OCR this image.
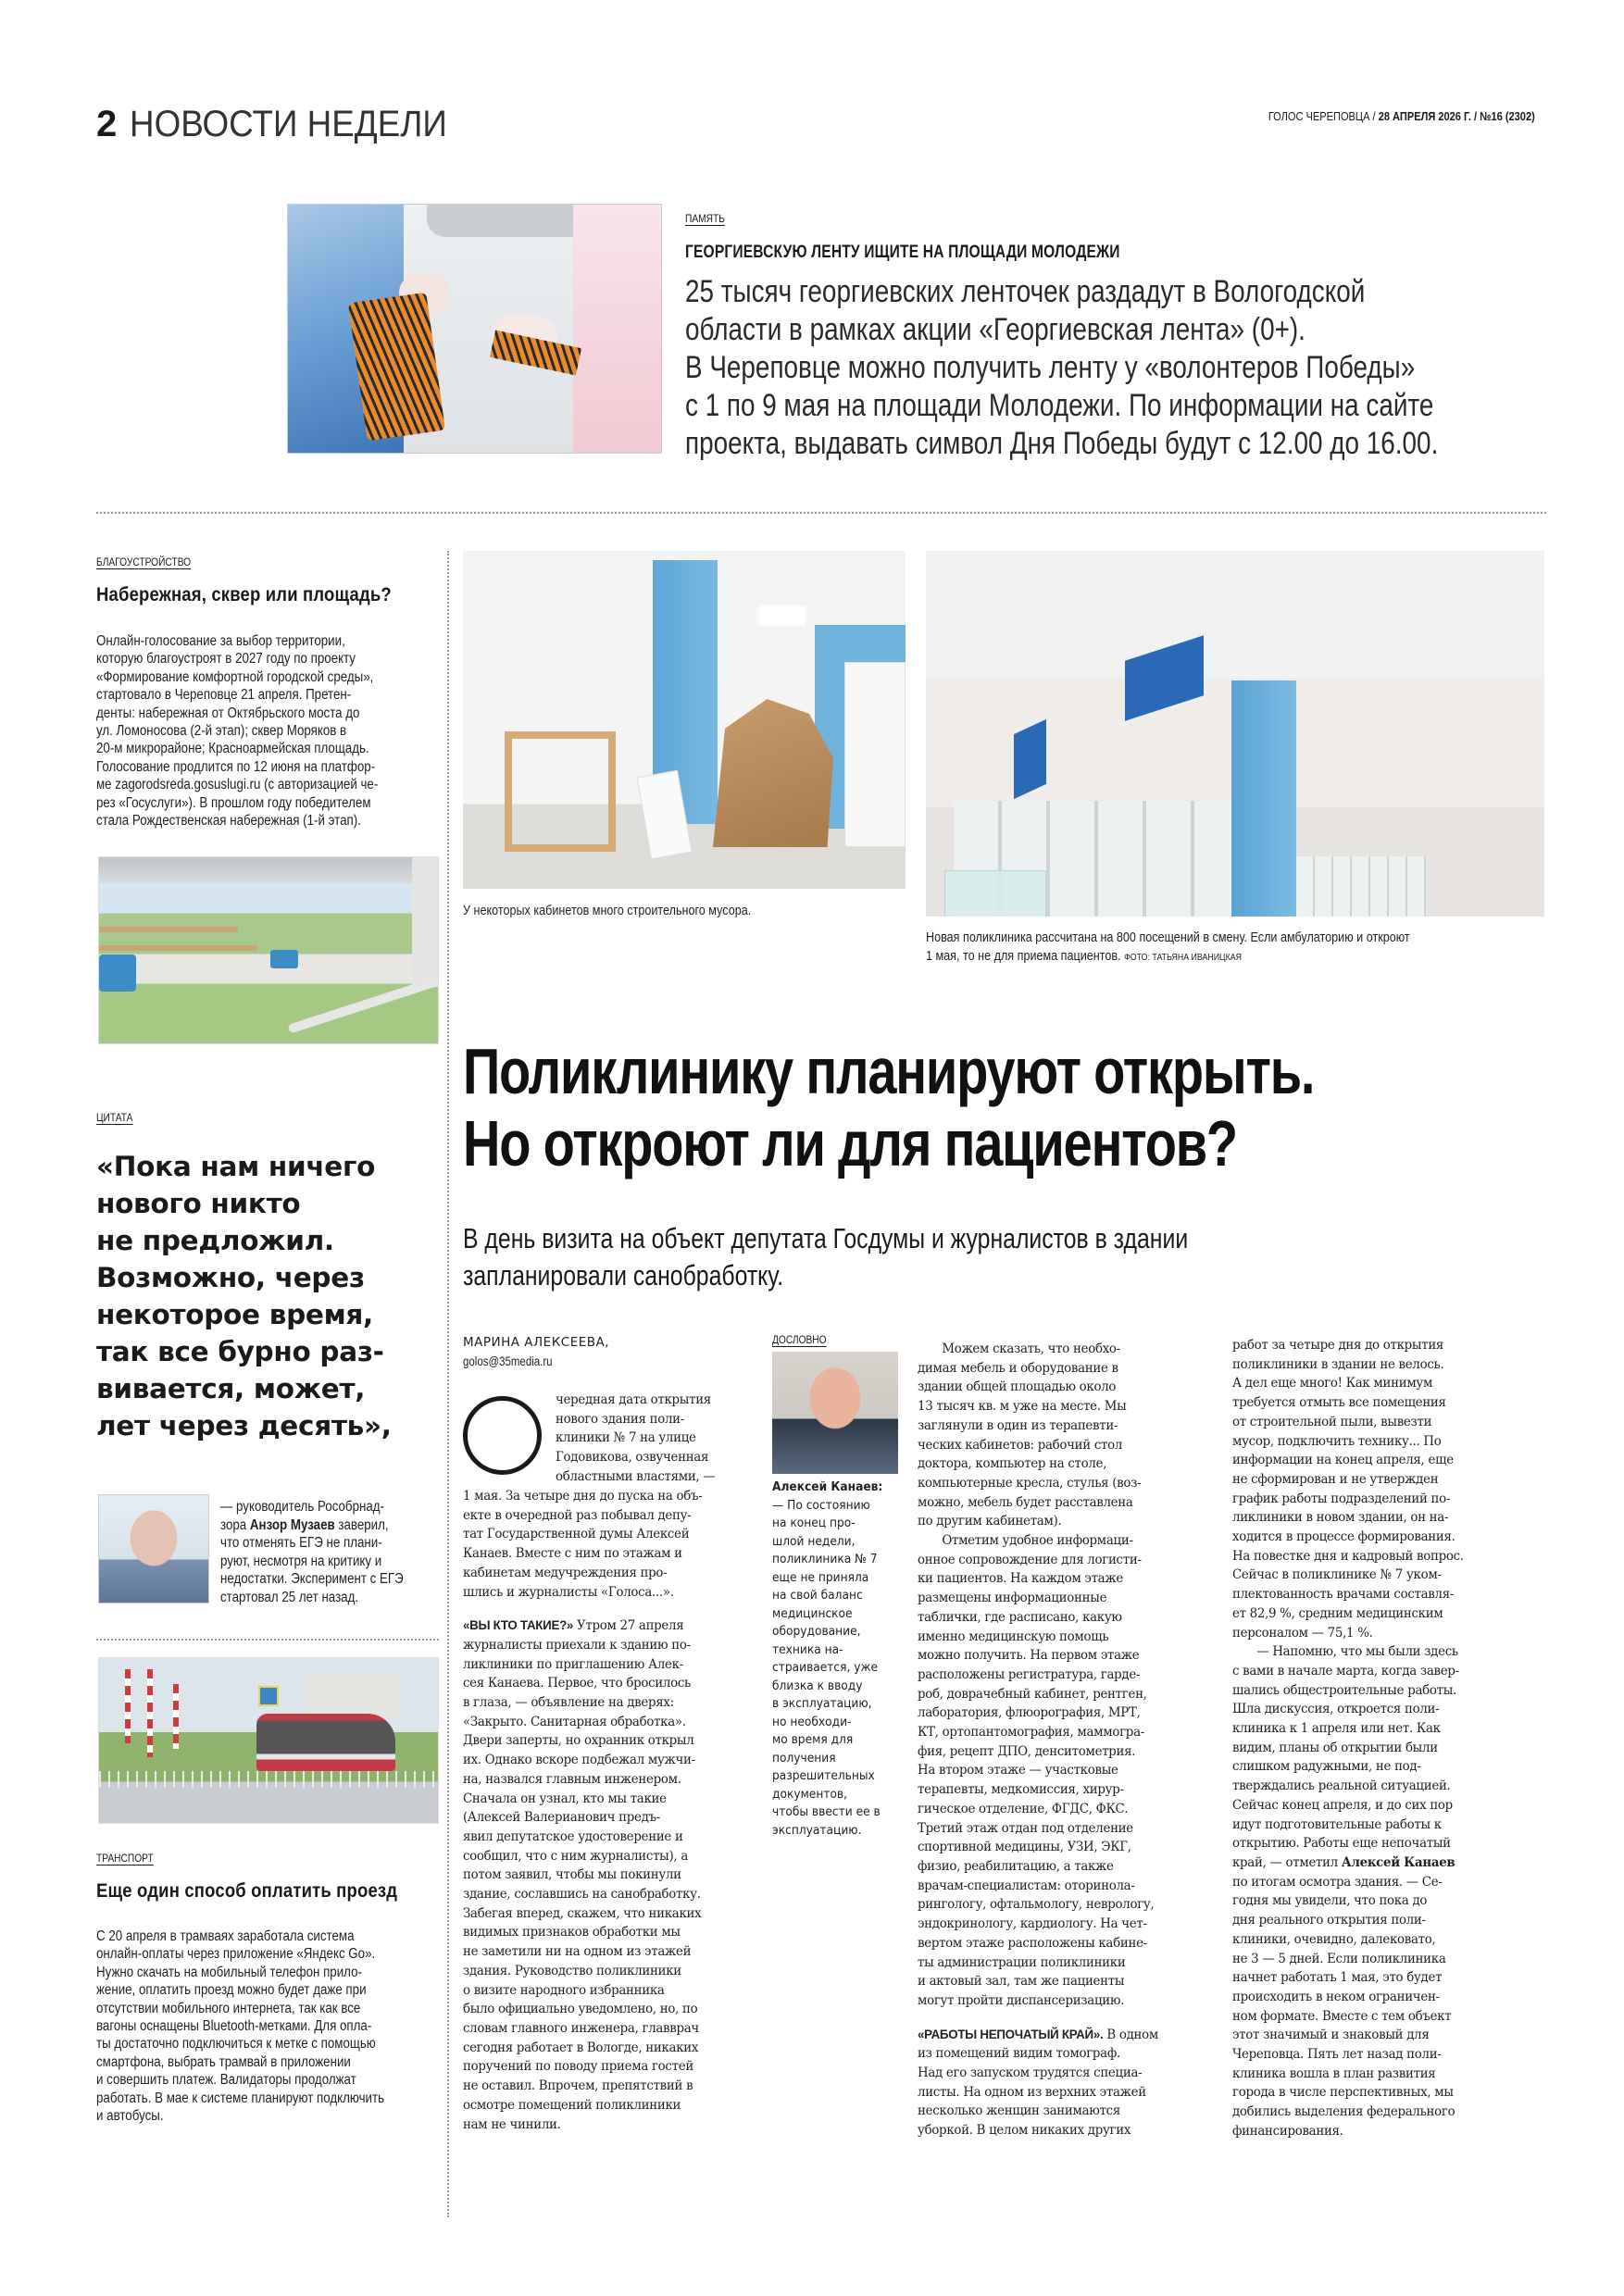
2 НОВОСТИ НЕДЕЛИ	ГОЛОС ЧЕРЕПОВЦА / 28 АПРЕЛЯ 2026 Г. / №16 (2302)
ПАМЯТЬ
ГЕОРГИЕВСКУЮ ЛЕНТУ ИЩИТЕ НА ПЛОЩАДИ МОЛОДЕЖИ
25 тысяч георгиевских ленточек раздадут в Вологодской
области в рамках акции «Георгиевская лента» (0+).
В Череповце можно получить ленту у «волонтеров Победы»
с 1 по 9 мая на площади Молодежи. По информации на сайте
проекта, выдавать символ Дня Победы будут с 12.00 до 16.00.
БЛАГОУСТРОЙСТВО
Набережная, сквер или площадь?
Онлайн-голосование за выбор территории,
которую благоустроят в 2027 году по проекту
«Формирование комфортной городской среды»,
стартовало в Череповце 21 апреля. Претен-
денты: набережная от Октябрьского моста до
ул. Ломоносова (2-й этап); сквер Моряков в
20-м микрорайоне; Красноармейская площадь.
Голосование продлится по 12 июня на платфор-
ме zagorodsreda.gosuslugi.ru (с авторизацией че-
рез «Госуслуги»). В прошлом году победителем
стала Рождественская набережная (1-й этап).
ЦИТАТА
«Пока нам ничего
нового никто
не предложил.
Возможно, через
некоторое время,
так все бурно раз-
вивается, может,
лет через десять»,
— руководитель Рособрнад-
зора Анзор Музаев заверил,
что отменять ЕГЭ не плани-
руют, несмотря на критику и
недостатки. Эксперимент с ЕГЭ
стартовал 25 лет назад.
ТРАНСПОРТ
Еще один способ оплатить проезд
С 20 апреля в трамваях заработала система
онлайн-оплаты через приложение «Яндекс Go».
Нужно скачать на мобильный телефон прило-
жение, оплатить проезд можно будет даже при
отсутствии мобильного интернета, так как все
вагоны оснащены Bluetooth-метками. Для опла-
ты достаточно подключиться к метке с помощью
смартфона, выбрать трамвай в приложении
и совершить платеж. Валидаторы продолжат
работать. В мае к системе планируют подключить
и автобусы.
У некоторых кабинетов много строительного мусора.
Новая поликлиника рассчитана на 800 посещений в смену. Если амбулаторию и откроют
1 мая, то не для приема пациентов. ФОТО: ТАТЬЯНА ИВАНИЦКАЯ
Поликлинику планируют открыть.
Но откроют ли для пациентов?
В день визита на объект депутата Госдумы и журналистов в здании
запланировали санобработку.
МАРИНА АЛЕКСЕЕВА,
golos@35media.ru
чередная дата открытия
нового здания поли-
клиники № 7 на улице
Годовикова, озвученная
областными властями, —
1 мая. За четыре дня до пуска на объ-
екте в очередной раз побывал депу-
тат Государственной думы Алексей
Канаев. Вместе с ним по этажам и
кабинетам медучреждения про-
шлись и журналисты «Голоса...».
«ВЫ КТО ТАКИЕ?» Утром 27 апреля
журналисты приехали к зданию по-
ликлиники по приглашению Алек-
сея Канаева. Первое, что бросилось
в глаза, — объявление на дверях:
«Закрыто. Санитарная обработка».
Двери заперты, но охранник открыл
их. Однако вскоре подбежал мужчи-
на, назвался главным инженером.
Сначала он узнал, кто мы такие
(Алексей Валерианович предъ-
явил депутатское удостоверение и
сообщил, что с ним журналисты), а
потом заявил, чтобы мы покинули
здание, сославшись на санобработку.
Забегая вперед, скажем, что никаких
видимых признаков обработки мы
не заметили ни на одном из этажей
здания. Руководство поликлиники
о визите народного избранника
было официально уведомлено, но, по
словам главного инженера, главврач
сегодня работает в Вологде, никаких
поручений по поводу приема гостей
не оставил. Впрочем, препятствий в
осмотре помещений поликлиники
нам не чинили.
ДОСЛОВНО
Алексей Канаев:
— По состоянию
на конец про-
шлой недели,
поликлиника № 7
еще не приняла
на свой баланс
медицинское
оборудование,
техника на-
страивается, уже
близка к вводу
в эксплуатацию,
но необходи-
мо время для
получения
разрешительных
документов,
чтобы ввести ее в
эксплуатацию.
Можем сказать, что необхо-
димая мебель и оборудование в
здании общей площадью около
13 тысяч кв. м уже на месте. Мы
заглянули в один из терапевти-
ческих кабинетов: рабочий стол
доктора, компьютер на столе,
компьютерные кресла, стулья (воз-
можно, мебель будет расставлена
по другим кабинетам).
Отметим удобное информаци-
онное сопровождение для логисти-
ки пациентов. На каждом этаже
размещены информационные
таблички, где расписано, какую
именно медицинскую помощь
можно получить. На первом этаже
расположены регистратура, гарде-
роб, доврачебный кабинет, рентген,
лаборатория, флюорография, МРТ,
КТ, ортопантомография, маммогра-
фия, рецепт ДПО, денситометрия.
На втором этаже — участковые
терапевты, медкомиссия, хирур-
гическое отделение, ФГДС, ФКС.
Третий этаж отдан под отделение
спортивной медицины, УЗИ, ЭКГ,
физио, реабилитацию, а также
врачам-специалистам: оторинола-
рингологу, офтальмологу, неврологу,
эндокринологу, кардиологу. На чет-
вертом этаже расположены кабине-
ты администрации поликлиники
и актовый зал, там же пациенты
могут пройти диспансеризацию.
«РАБОТЫ НЕПОЧАТЫЙ КРАЙ». В одном
из помещений видим томограф.
Над его запуском трудятся специа-
листы. На одном из верхних этажей
несколько женщин занимаются
уборкой. В целом никаких других
работ за четыре дня до открытия
поликлиники в здании не велось.
А дел еще много! Как минимум
требуется отмыть все помещения
от строительной пыли, вывезти
мусор, подключить технику... По
информации на конец апреля, еще
не сформирован и не утвержден
график работы подразделений по-
ликлиники в новом здании, он на-
ходится в процессе формирования.
На повестке дня и кадровый вопрос.
Сейчас в поликлинике № 7 уком-
плектованность врачами составля-
ет 82,9 %, средним медицинским
персоналом — 75,1 %.
— Напомню, что мы были здесь
с вами в начале марта, когда завер-
шались общестроительные работы.
Шла дискуссия, откроется поли-
клиника к 1 апреля или нет. Как
видим, планы об открытии были
слишком радужными, не под-
тверждались реальной ситуацией.
Сейчас конец апреля, и до сих пор
идут подготовительные работы к
открытию. Работы еще непочатый
край, — отметил Алексей Канаев
по итогам осмотра здания. — Се-
годня мы увидели, что пока до
дня реального открытия поли-
клиники, очевидно, далековато,
не 3 — 5 дней. Если поликлиника
начнет работать 1 мая, это будет
происходить в неком ограничен-
ном формате. Вместе с тем объект
этот значимый и знаковый для
Череповца. Пять лет назад поли-
клиника вошла в план развития
города в числе перспективных, мы
добились выделения федерального
финансирования.
